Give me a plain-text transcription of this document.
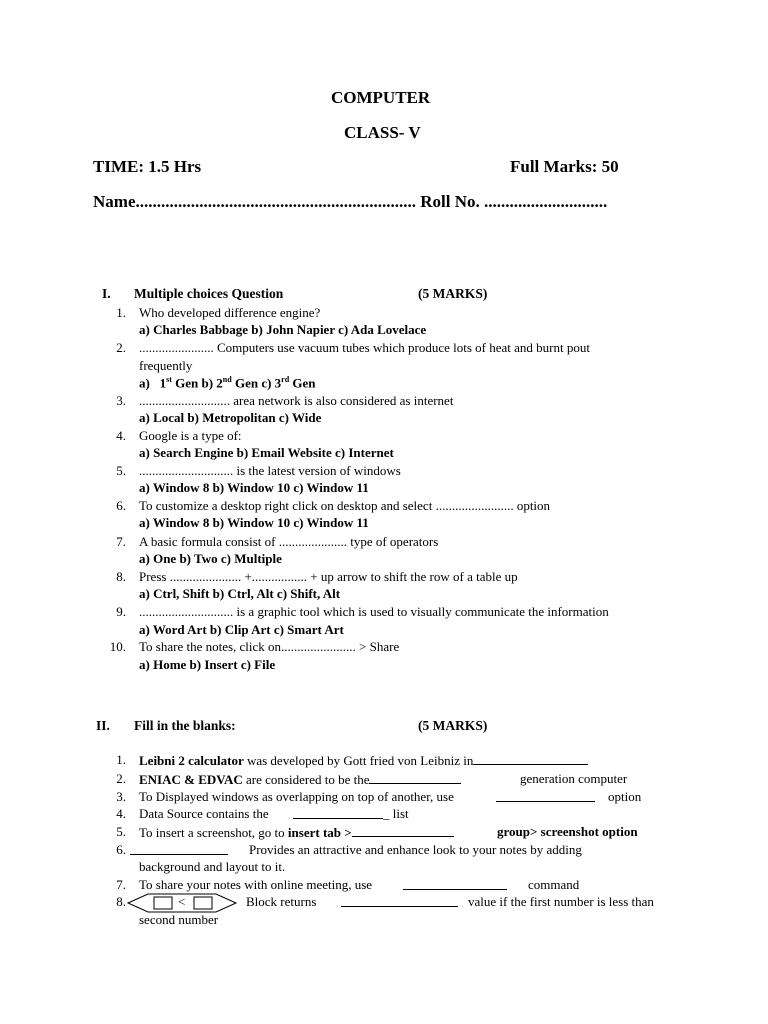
COMPUTER
CLASS- V
TIME: 1.5 Hrs	Full Marks: 50
Name.................................................................. Roll No. .............................
I. Multiple choices Question	(5 MARKS)
1. Who developed difference engine?
a) Charles Babbage b) John Napier c) Ada Lovelace
2. ....................... Computers use vacuum tubes which produce lots of heat and burnt pout
frequently
a) 1st Gen b) 2nd Gen c) 3rd Gen
3. ............................ area network is also considered as internet
a) Local b) Metropolitan c) Wide
4. Google is a type of:
a) Search Engine b) Email Website c) Internet
5. ............................. is the latest version of windows
a) Window 8 b) Window 10 c) Window 11
6. To customize a desktop right click on desktop and select ........................ option
a) Window 8 b) Window 10 c) Window 11
7. A basic formula consist of ..................... type of operators
a) One b) Two c) Multiple
8. Press ...................... +................. + up arrow to shift the row of a table up
a) Ctrl, Shift b) Ctrl, Alt c) Shift, Alt
9. ............................. is a graphic tool which is used to visually communicate the information
a) Word Art b) Clip Art c) Smart Art
10. To share the notes, click on....................... > Share
a) Home b) Insert c) File
II. Fill in the blanks:	(5 MARKS)
1. Leibni 2 calculator was developed by Gott fried von Leibniz in
2. ENIAC & EDVAC are considered to be the	generation computer
3. To Displayed windows as overlapping on top of another, use	option
4. Data Source contains the	_ list
5. To insert a screenshot, go to insert tab >	group> screenshot option
6.	Provides an attractive and enhance look to your notes by adding
background and layout to it.
7. To share your notes with online meeting, use	command
8.	<	Block returns	value if the first number is less than
second number
